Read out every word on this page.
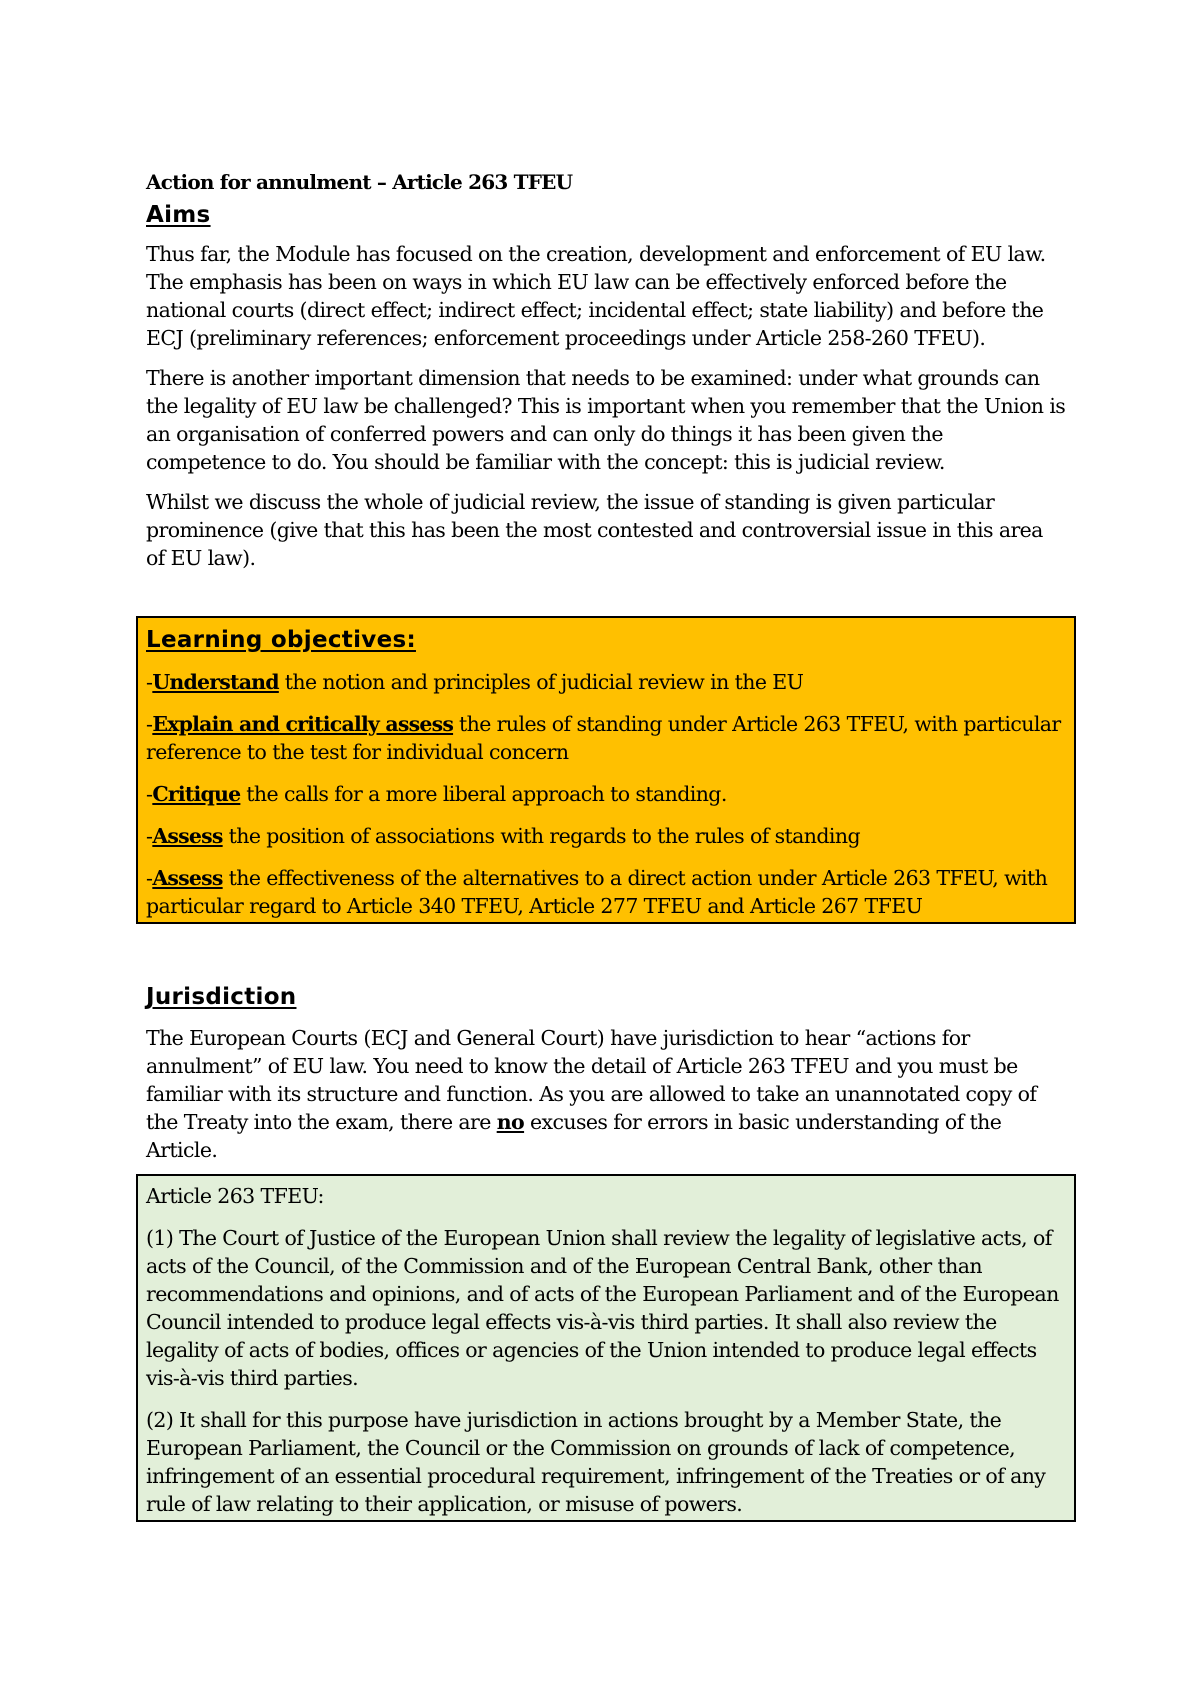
Action for annulment – Article 263 TFEU

Aims

Thus far, the Module has focused on the creation, development and enforcement of EU law. The emphasis has been on ways in which EU law can be effectively enforced before the national courts (direct effect; indirect effect; incidental effect; state liability) and before the ECJ (preliminary references; enforcement proceedings under Article 258-260 TFEU).

There is another important dimension that needs to be examined: under what grounds can the legality of EU law be challenged? This is important when you remember that the Union is an organisation of conferred powers and can only do things it has been given the competence to do. You should be familiar with the concept: this is judicial review.

Whilst we discuss the whole of judicial review, the issue of standing is given particular prominence (give that this has been the most contested and controversial issue in this area of EU law).

Learning objectives:

-Understand the notion and principles of judicial review in the EU

-Explain and critically assess the rules of standing under Article 263 TFEU, with particular reference to the test for individual concern

-Critique the calls for a more liberal approach to standing.

-Assess the position of associations with regards to the rules of standing

-Assess the effectiveness of the alternatives to a direct action under Article 263 TFEU, with particular regard to Article 340 TFEU, Article 277 TFEU and Article 267 TFEU

Jurisdiction

The European Courts (ECJ and General Court) have jurisdiction to hear “actions for annulment” of EU law. You need to know the detail of Article 263 TFEU and you must be familiar with its structure and function. As you are allowed to take an unannotated copy of the Treaty into the exam, there are no excuses for errors in basic understanding of the Article.

Article 263 TFEU:

(1) The Court of Justice of the European Union shall review the legality of legislative acts, of acts of the Council, of the Commission and of the European Central Bank, other than recommendations and opinions, and of acts of the European Parliament and of the European Council intended to produce legal effects vis-à-vis third parties. It shall also review the legality of acts of bodies, offices or agencies of the Union intended to produce legal effects vis-à-vis third parties.

(2) It shall for this purpose have jurisdiction in actions brought by a Member State, the European Parliament, the Council or the Commission on grounds of lack of competence, infringement of an essential procedural requirement, infringement of the Treaties or of any rule of law relating to their application, or misuse of powers.
